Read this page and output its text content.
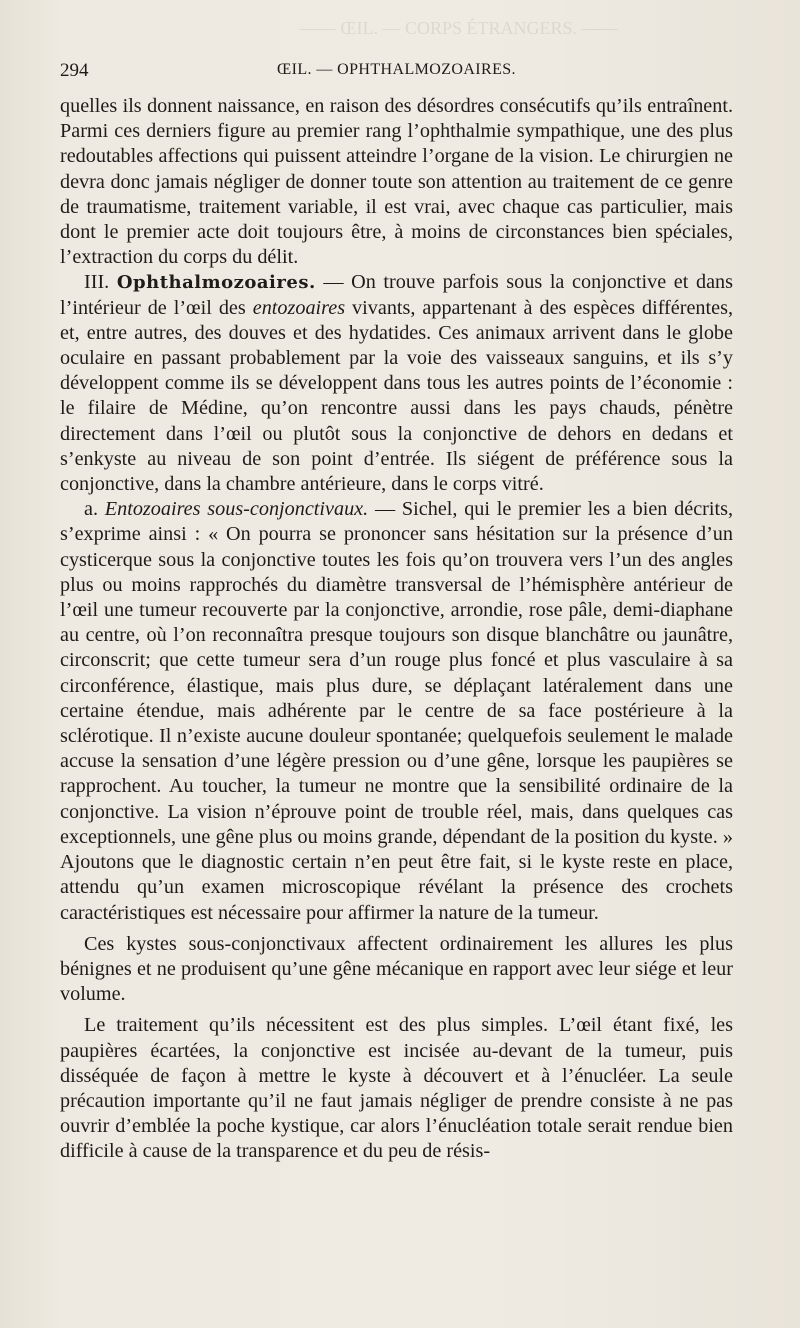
—— ŒIL. — CORPS ÉTRANGERS. ——
294	ŒIL. — OPHTHALMOZOAIRES.

quelles ils donnent naissance, en raison des désordres consécutifs qu’ils entraînent. Parmi ces derniers figure au premier rang l’ophthalmie sympathique, une des plus redoutables affections qui puissent atteindre l’organe de la vision. Le chirurgien ne devra donc jamais négliger de donner toute son attention au traitement de ce genre de traumatisme, traitement variable, il est vrai, avec chaque cas particulier, mais dont le premier acte doit toujours être, à moins de circonstances bien spéciales, l’extraction du corps du délit.

III. Ophthalmozoaires. — On trouve parfois sous la conjonctive et dans l’intérieur de l’œil des entozoaires vivants, appartenant à des espèces différentes, et, entre autres, des douves et des hydatides. Ces animaux arrivent dans le globe oculaire en passant probablement par la voie des vaisseaux sanguins, et ils s’y développent comme ils se développent dans tous les autres points de l’économie : le filaire de Médine, qu’on rencontre aussi dans les pays chauds, pénètre directement dans l’œil ou plutôt sous la conjonctive de dehors en dedans et s’enkyste au niveau de son point d’entrée. Ils siégent de préférence sous la conjonctive, dans la chambre antérieure, dans le corps vitré.

a. Entozoaires sous-conjonctivaux. — Sichel, qui le premier les a bien décrits, s’exprime ainsi : « On pourra se prononcer sans hésitation sur la présence d’un cysticerque sous la conjonctive toutes les fois qu’on trouvera vers l’un des angles plus ou moins rapprochés du diamètre transversal de l’hémisphère antérieur de l’œil une tumeur recouverte par la conjonctive, arrondie, rose pâle, demi-diaphane au centre, où l’on reconnaîtra presque toujours son disque blanchâtre ou jaunâtre, circonscrit; que cette tumeur sera d’un rouge plus foncé et plus vasculaire à sa circonférence, élastique, mais plus dure, se déplaçant latéralement dans une certaine étendue, mais adhérente par le centre de sa face postérieure à la sclérotique. Il n’existe aucune douleur spontanée; quelquefois seulement le malade accuse la sensation d’une légère pression ou d’une gêne, lorsque les paupières se rapprochent. Au toucher, la tumeur ne montre que la sensibilité ordinaire de la conjonctive. La vision n’éprouve point de trouble réel, mais, dans quelques cas exceptionnels, une gêne plus ou moins grande, dépendant de la position du kyste. » Ajoutons que le diagnostic certain n’en peut être fait, si le kyste reste en place, attendu qu’un examen microscopique révélant la présence des crochets caractéristiques est nécessaire pour affirmer la nature de la tumeur.

Ces kystes sous-conjonctivaux affectent ordinairement les allures les plus bénignes et ne produisent qu’une gêne mécanique en rapport avec leur siége et leur volume.

Le traitement qu’ils nécessitent est des plus simples. L’œil étant fixé, les paupières écartées, la conjonctive est incisée au-devant de la tumeur, puis disséquée de façon à mettre le kyste à découvert et à l’énucléer. La seule précaution importante qu’il ne faut jamais négliger de prendre consiste à ne pas ouvrir d’emblée la poche kystique, car alors l’énucléation totale serait rendue bien difficile à cause de la transparence et du peu de résis-
